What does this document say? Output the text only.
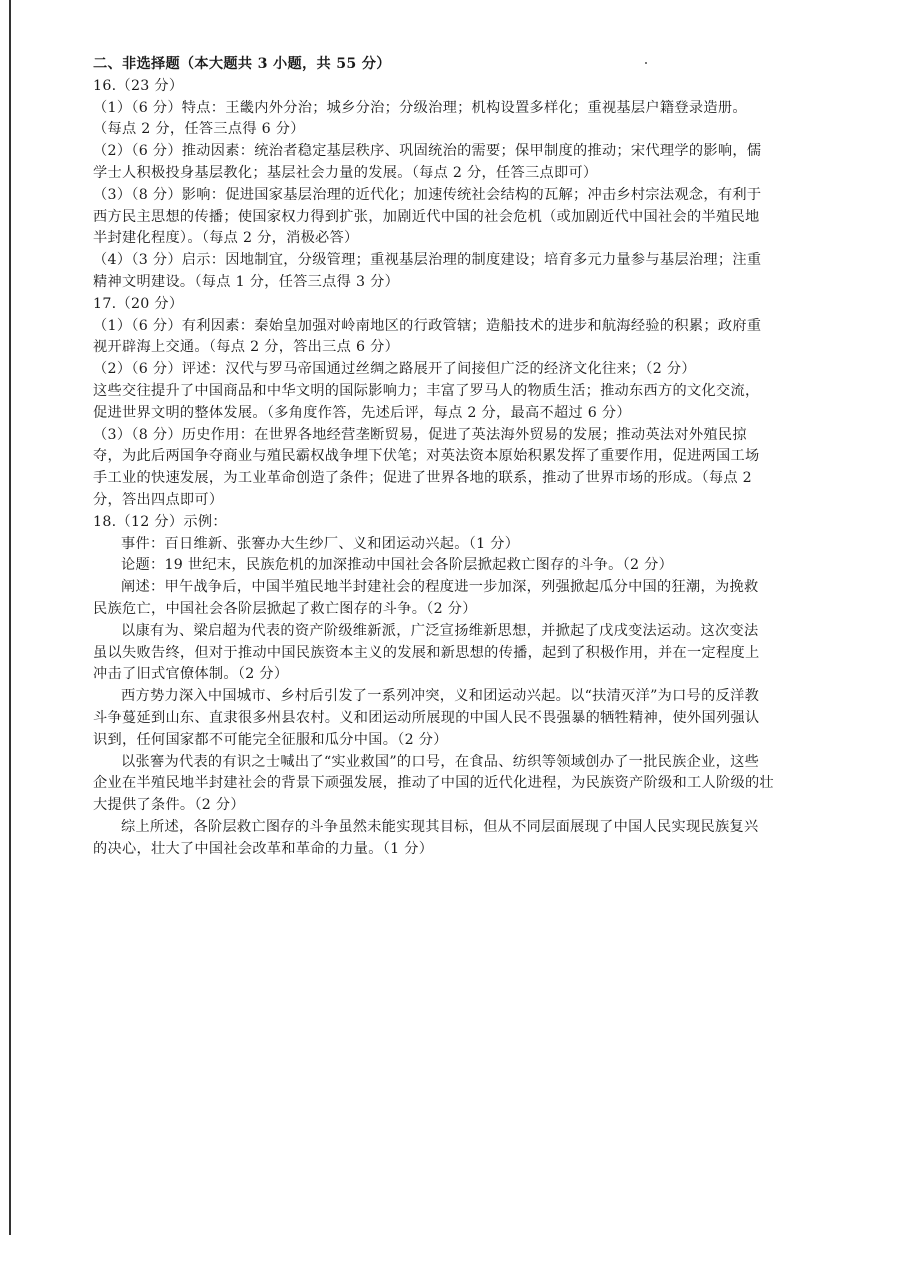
二、非选择题（本大题共 3 小题，共 55 分）
16.（23 分）
（1）（6 分）特点：王畿内外分治；城乡分治；分级治理；机构设置多样化；重视基层户籍登录造册。
（每点 2 分，任答三点得 6 分）
（2）（6 分）推动因素：统治者稳定基层秩序、巩固统治的需要；保甲制度的推动；宋代理学的影响，儒
学士人积极投身基层教化；基层社会力量的发展。（每点 2 分，任答三点即可）
（3）（8 分）影响：促进国家基层治理的近代化；加速传统社会结构的瓦解；冲击乡村宗法观念，有利于
西方民主思想的传播；使国家权力得到扩张，加剧近代中国的社会危机（或加剧近代中国社会的半殖民地
半封建化程度）。（每点 2 分，消极必答）
（4）（3 分）启示：因地制宜，分级管理；重视基层治理的制度建设；培育多元力量参与基层治理；注重
精神文明建设。（每点 1 分，任答三点得 3 分）
17.（20 分）
（1）（6 分）有利因素：秦始皇加强对岭南地区的行政管辖；造船技术的进步和航海经验的积累；政府重
视开辟海上交通。（每点 2 分，答出三点 6 分）
（2）（6 分）评述：汉代与罗马帝国通过丝绸之路展开了间接但广泛的经济文化往来；（2 分）
这些交往提升了中国商品和中华文明的国际影响力；丰富了罗马人的物质生活；推动东西方的文化交流，
促进世界文明的整体发展。（多角度作答，先述后评，每点 2 分，最高不超过 6 分）
（3）（8 分）历史作用：在世界各地经营垄断贸易，促进了英法海外贸易的发展；推动英法对外殖民掠
夺，为此后两国争夺商业与殖民霸权战争埋下伏笔；对英法资本原始积累发挥了重要作用，促进两国工场
手工业的快速发展，为工业革命创造了条件；促进了世界各地的联系，推动了世界市场的形成。（每点 2
分，答出四点即可）
18.（12 分）示例：
事件：百日维新、张謇办大生纱厂、义和团运动兴起。（1 分）
论题：19 世纪末，民族危机的加深推动中国社会各阶层掀起救亡图存的斗争。（2 分）
阐述：甲午战争后，中国半殖民地半封建社会的程度进一步加深，列强掀起瓜分中国的狂潮，为挽救
民族危亡，中国社会各阶层掀起了救亡图存的斗争。（2 分）
以康有为、梁启超为代表的资产阶级维新派，广泛宣扬维新思想，并掀起了戊戌变法运动。这次变法
虽以失败告终，但对于推动中国民族资本主义的发展和新思想的传播，起到了积极作用，并在一定程度上
冲击了旧式官僚体制。（2 分）
西方势力深入中国城市、乡村后引发了一系列冲突，义和团运动兴起。以“扶清灭洋”为口号的反洋教
斗争蔓延到山东、直隶很多州县农村。义和团运动所展现的中国人民不畏强暴的牺牲精神，使外国列强认
识到，任何国家都不可能完全征服和瓜分中国。（2 分）
以张謇为代表的有识之士喊出了“实业救国”的口号，在食品、纺织等领域创办了一批民族企业，这些
企业在半殖民地半封建社会的背景下顽强发展，推动了中国的近代化进程，为民族资产阶级和工人阶级的壮
大提供了条件。（2 分）
综上所述，各阶层救亡图存的斗争虽然未能实现其目标，但从不同层面展现了中国人民实现民族复兴
的决心，壮大了中国社会改革和革命的力量。（1 分）
